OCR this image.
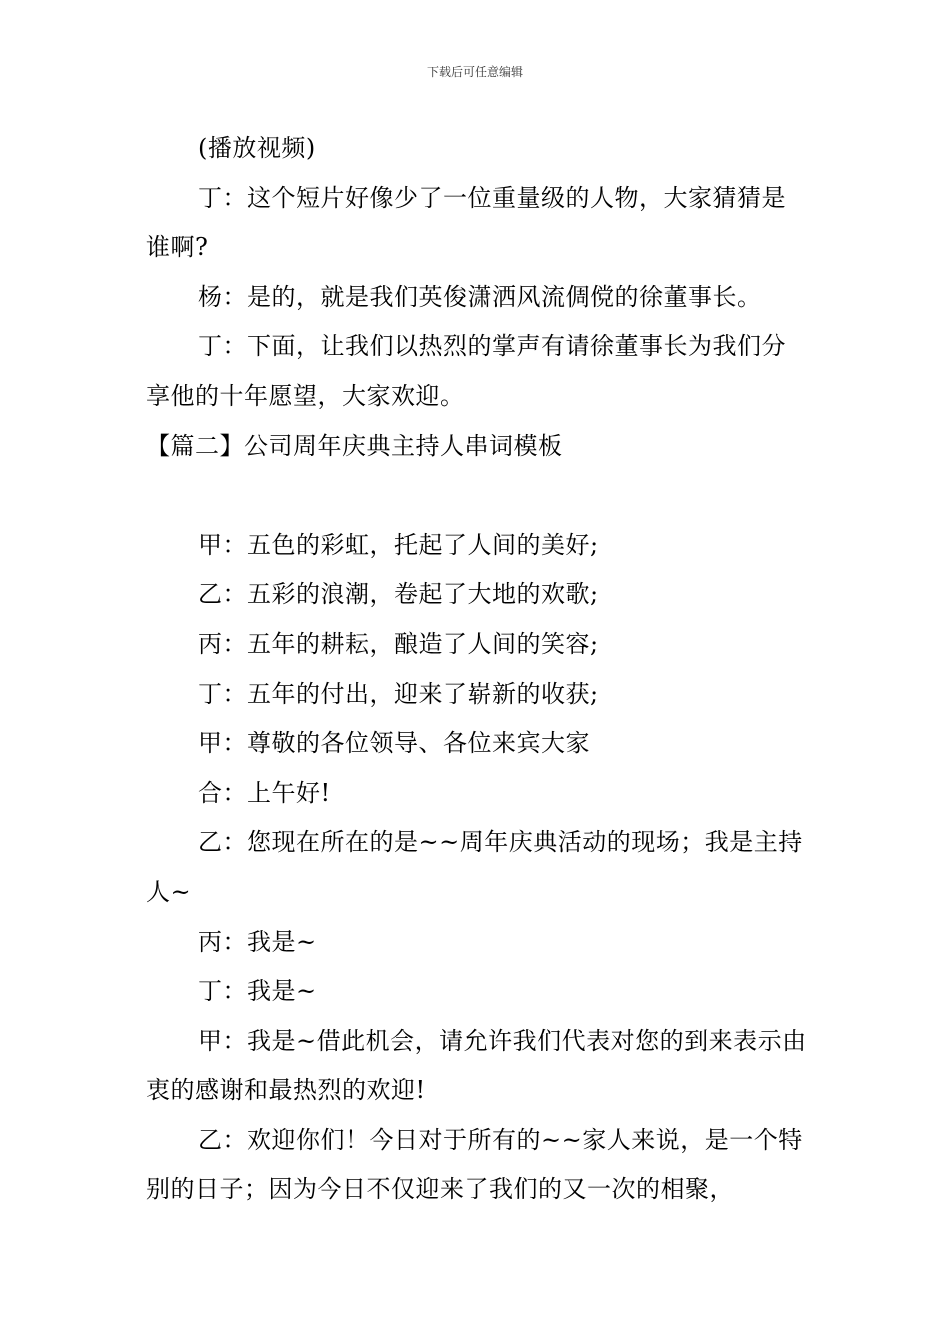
下载后可任意编辑

(播放视频)

丁：这个短片好像少了一位重量级的人物，大家猜猜是谁啊?

杨：是的，就是我们英俊潇洒风流倜傥的徐董事长。

丁：下面，让我们以热烈的掌声有请徐董事长为我们分享他的十年愿望，大家欢迎。

【篇二】公司周年庆典主持人串词模板

甲：五色的彩虹，托起了人间的美好;

乙：五彩的浪潮，卷起了大地的欢歌;

丙：五年的耕耘，酿造了人间的笑容;

丁：五年的付出，迎来了崭新的收获;

甲：尊敬的各位领导、各位来宾大家

合：上午好!

乙：您现在所在的是~~周年庆典活动的现场；我是主持人~

丙：我是~

丁：我是~

甲：我是~借此机会，请允许我们代表对您的到来表示由衷的感谢和最热烈的欢迎!

乙：欢迎你们！今日对于所有的~~家人来说，是一个特别的日子；因为今日不仅迎来了我们的又一次的相聚，
